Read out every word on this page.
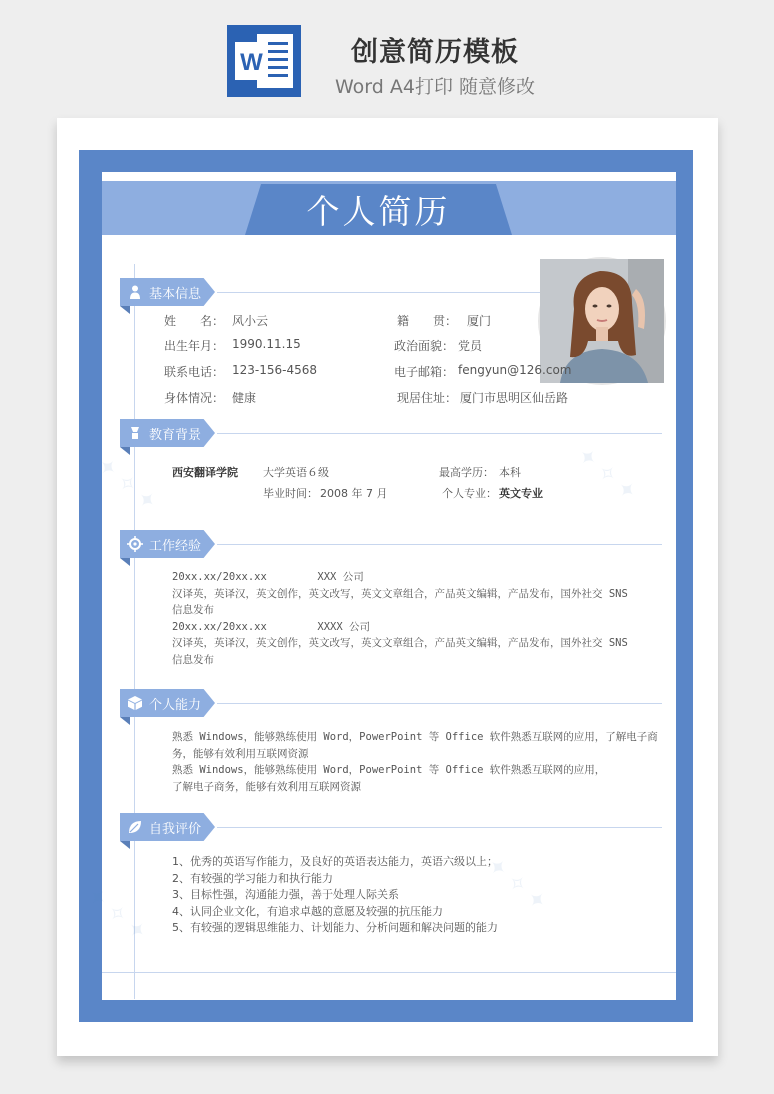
W	创意简历模板
Word A4打印 随意修改
个人简历
✦ ✧ ✦
✦ ✧ ✦
✦ ✧ ✦
✦ ✧ ✦
基本信息
姓　　名： 风小云	籍　　贯： 厦门
出生年月： 1990.11.15	政治面貌： 党员
联系电话： 123-156-4568	电子邮箱： fengyun@126.com
身体情况： 健康	现居住址： 厦门市思明区仙岳路
教育背景
西安翻译学院 大学英语６级	最高学历： 本科
毕业时间： 2008 年 7 月	个人专业： 英文专业
工作经验
20xx.xx/20xx.xx	XXX 公司
汉译英，英译汉，英文创作，英文改写，英文文章组合，产品英文编辑，产品发布，国外社交 SNS
信息发布
20xx.xx/20xx.xx	XXXX 公司
汉译英，英译汉，英文创作，英文改写，英文文章组合，产品英文编辑，产品发布，国外社交 SNS
信息发布
个人能力
熟悉 Windows，能够熟练使用 Word，PowerPoint 等 Office 软件熟悉互联网的应用，了解电子商
务，能够有效利用互联网资源
熟悉 Windows，能够熟练使用 Word，PowerPoint 等 Office 软件熟悉互联网的应用，
了解电子商务，能够有效利用互联网资源
自我评价
1、优秀的英语写作能力，及良好的英语表达能力，英语六级以上；
2、有较强的学习能力和执行能力
3、目标性强，沟通能力强，善于处理人际关系
4、认同企业文化，有追求卓越的意愿及较强的抗压能力
5、有较强的逻辑思维能力、计划能力、分析问题和解决问题的能力
